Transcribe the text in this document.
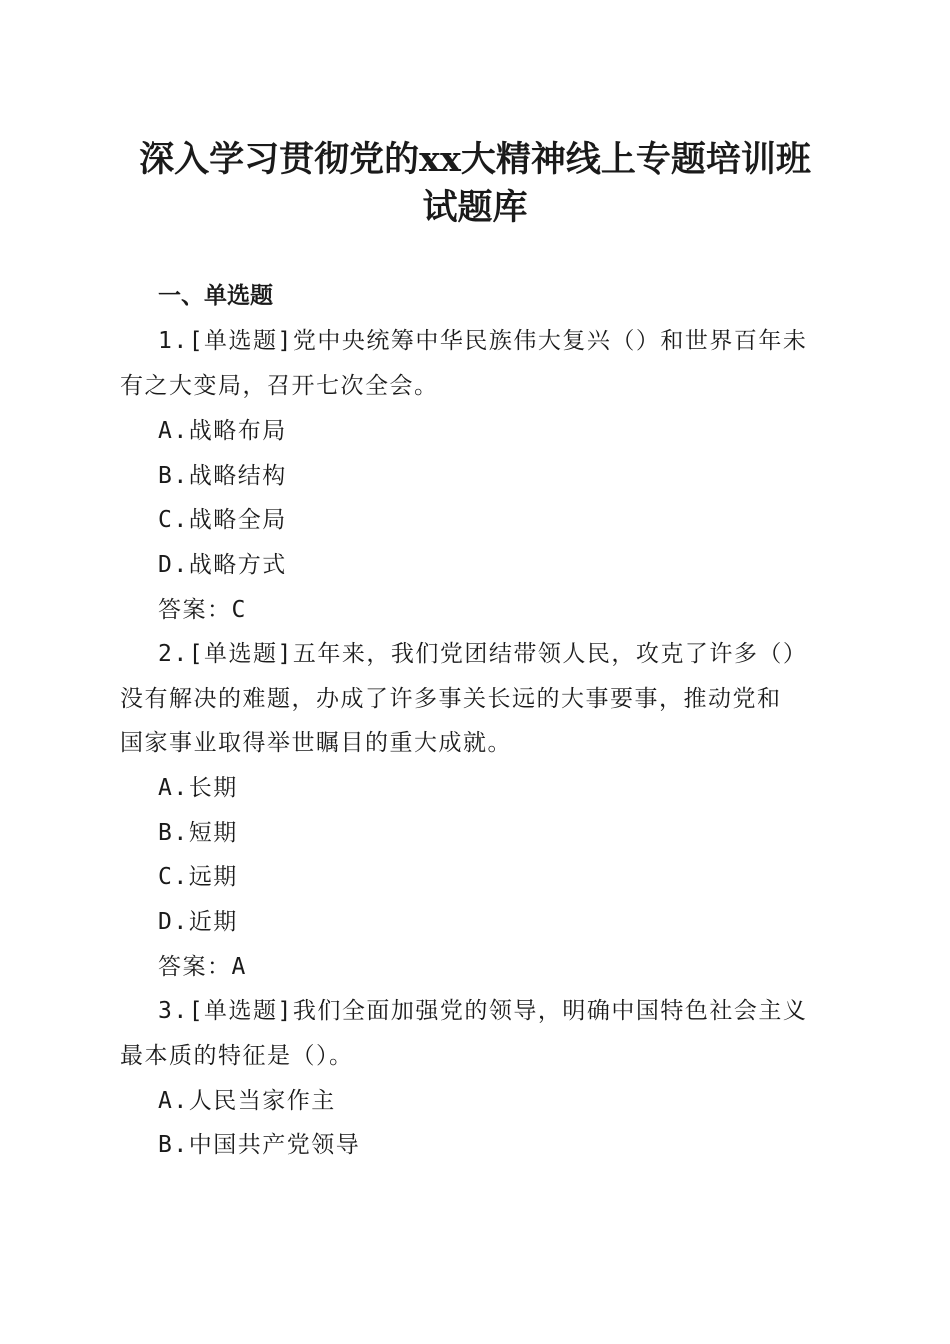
深入学习贯彻党的xx大精神线上专题培训班
试题库
一、单选题
1.[单选题]党中央统筹中华民族伟大复兴（）和世界百年未
有之大变局，召开七次全会。
A.战略布局
B.战略结构
C.战略全局
D.战略方式
答案：C
2.[单选题]五年来，我们党团结带领人民，攻克了许多（）
没有解决的难题，办成了许多事关长远的大事要事，推动党和
国家事业取得举世瞩目的重大成就。
A.长期
B.短期
C.远期
D.近期
答案：A
3.[单选题]我们全面加强党的领导，明确中国特色社会主义
最本质的特征是（）。
A.人民当家作主
B.中国共产党领导
